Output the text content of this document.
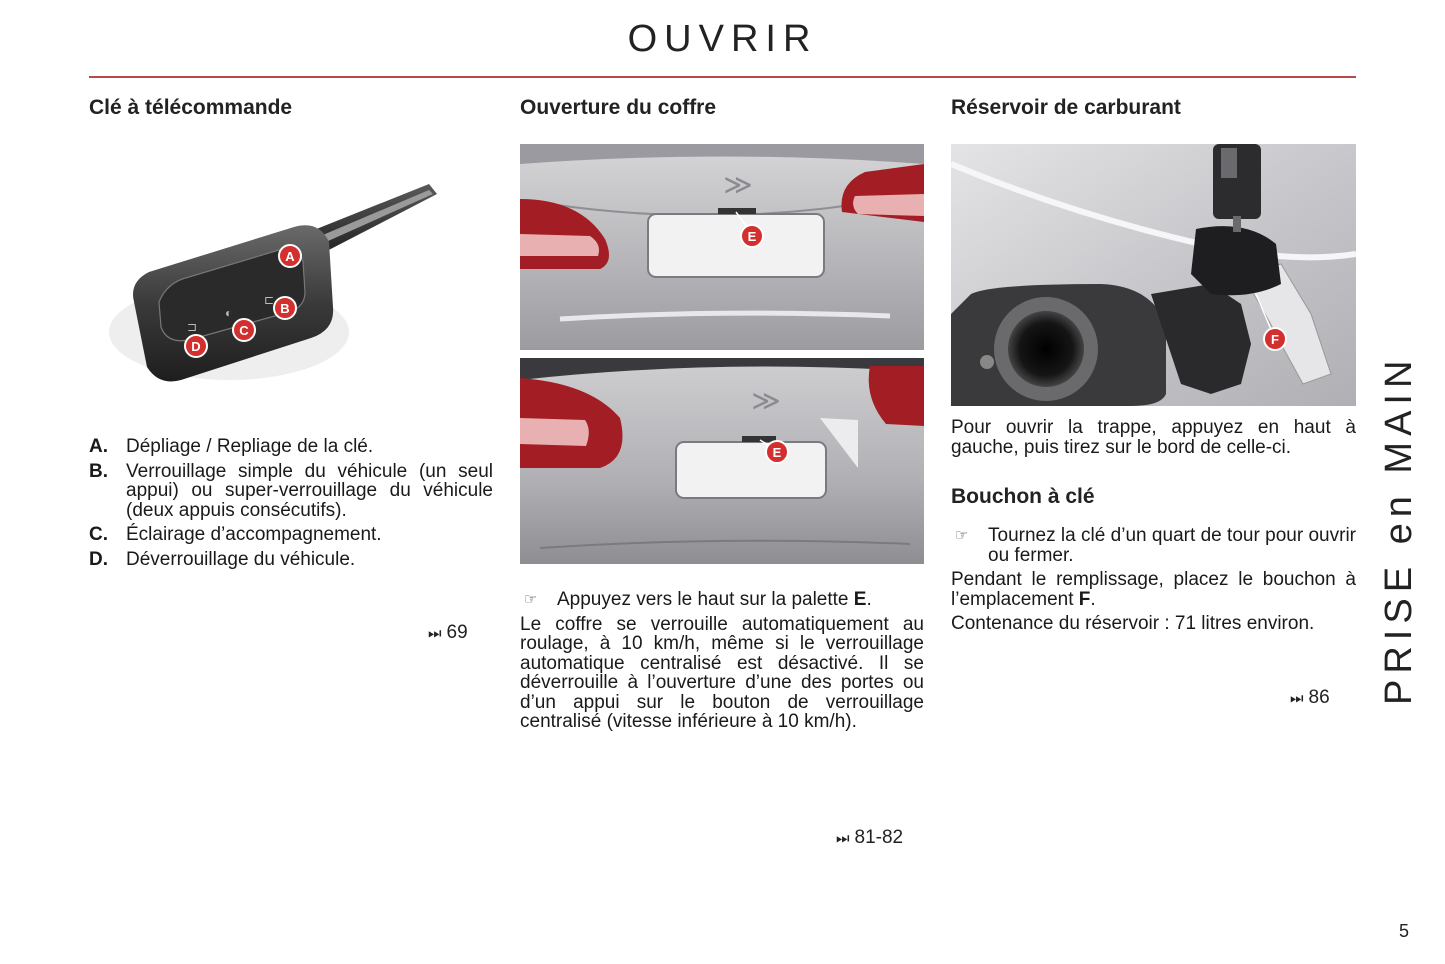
OUVRIR
Clé à télécommande
⊐
◐
⊏
A
B
C
D
A. Dépliage / Repliage de la clé.
B. Verrouillage simple du véhicule (un seul appui) ou super-verrouillage du véhicule (deux appuis consécutifs).
C. Éclairage d’accompagnement.
D. Déverrouillage du véhicule.
⏭ 69
Ouverture du coffre
≫
E
≫
E
☞	Appuyez vers le haut sur la palette E.

Le coffre se verrouille automatiquement au roulage, à 10 km/h, même si le verrouillage automatique centralisé est désactivé. Il se déverrouille à l’ouverture d’une des portes ou d’un appui sur le bouton de verrouillage centralisé (vitesse inférieure à 10 km/h).

⏭ 81-82
Réservoir de carburant
F

Pour ouvrir la trappe, appuyez en haut à gauche, puis tirez sur le bord de celle-ci.

Bouchon à clé
☞	Tournez la clé d’un quart de tour pour ouvrir ou fermer.

Pendant le remplissage, placez le bouchon à l’emplacement F.

Contenance du réservoir : 71 litres environ.

⏭ 86 PRISE en MAIN
5
